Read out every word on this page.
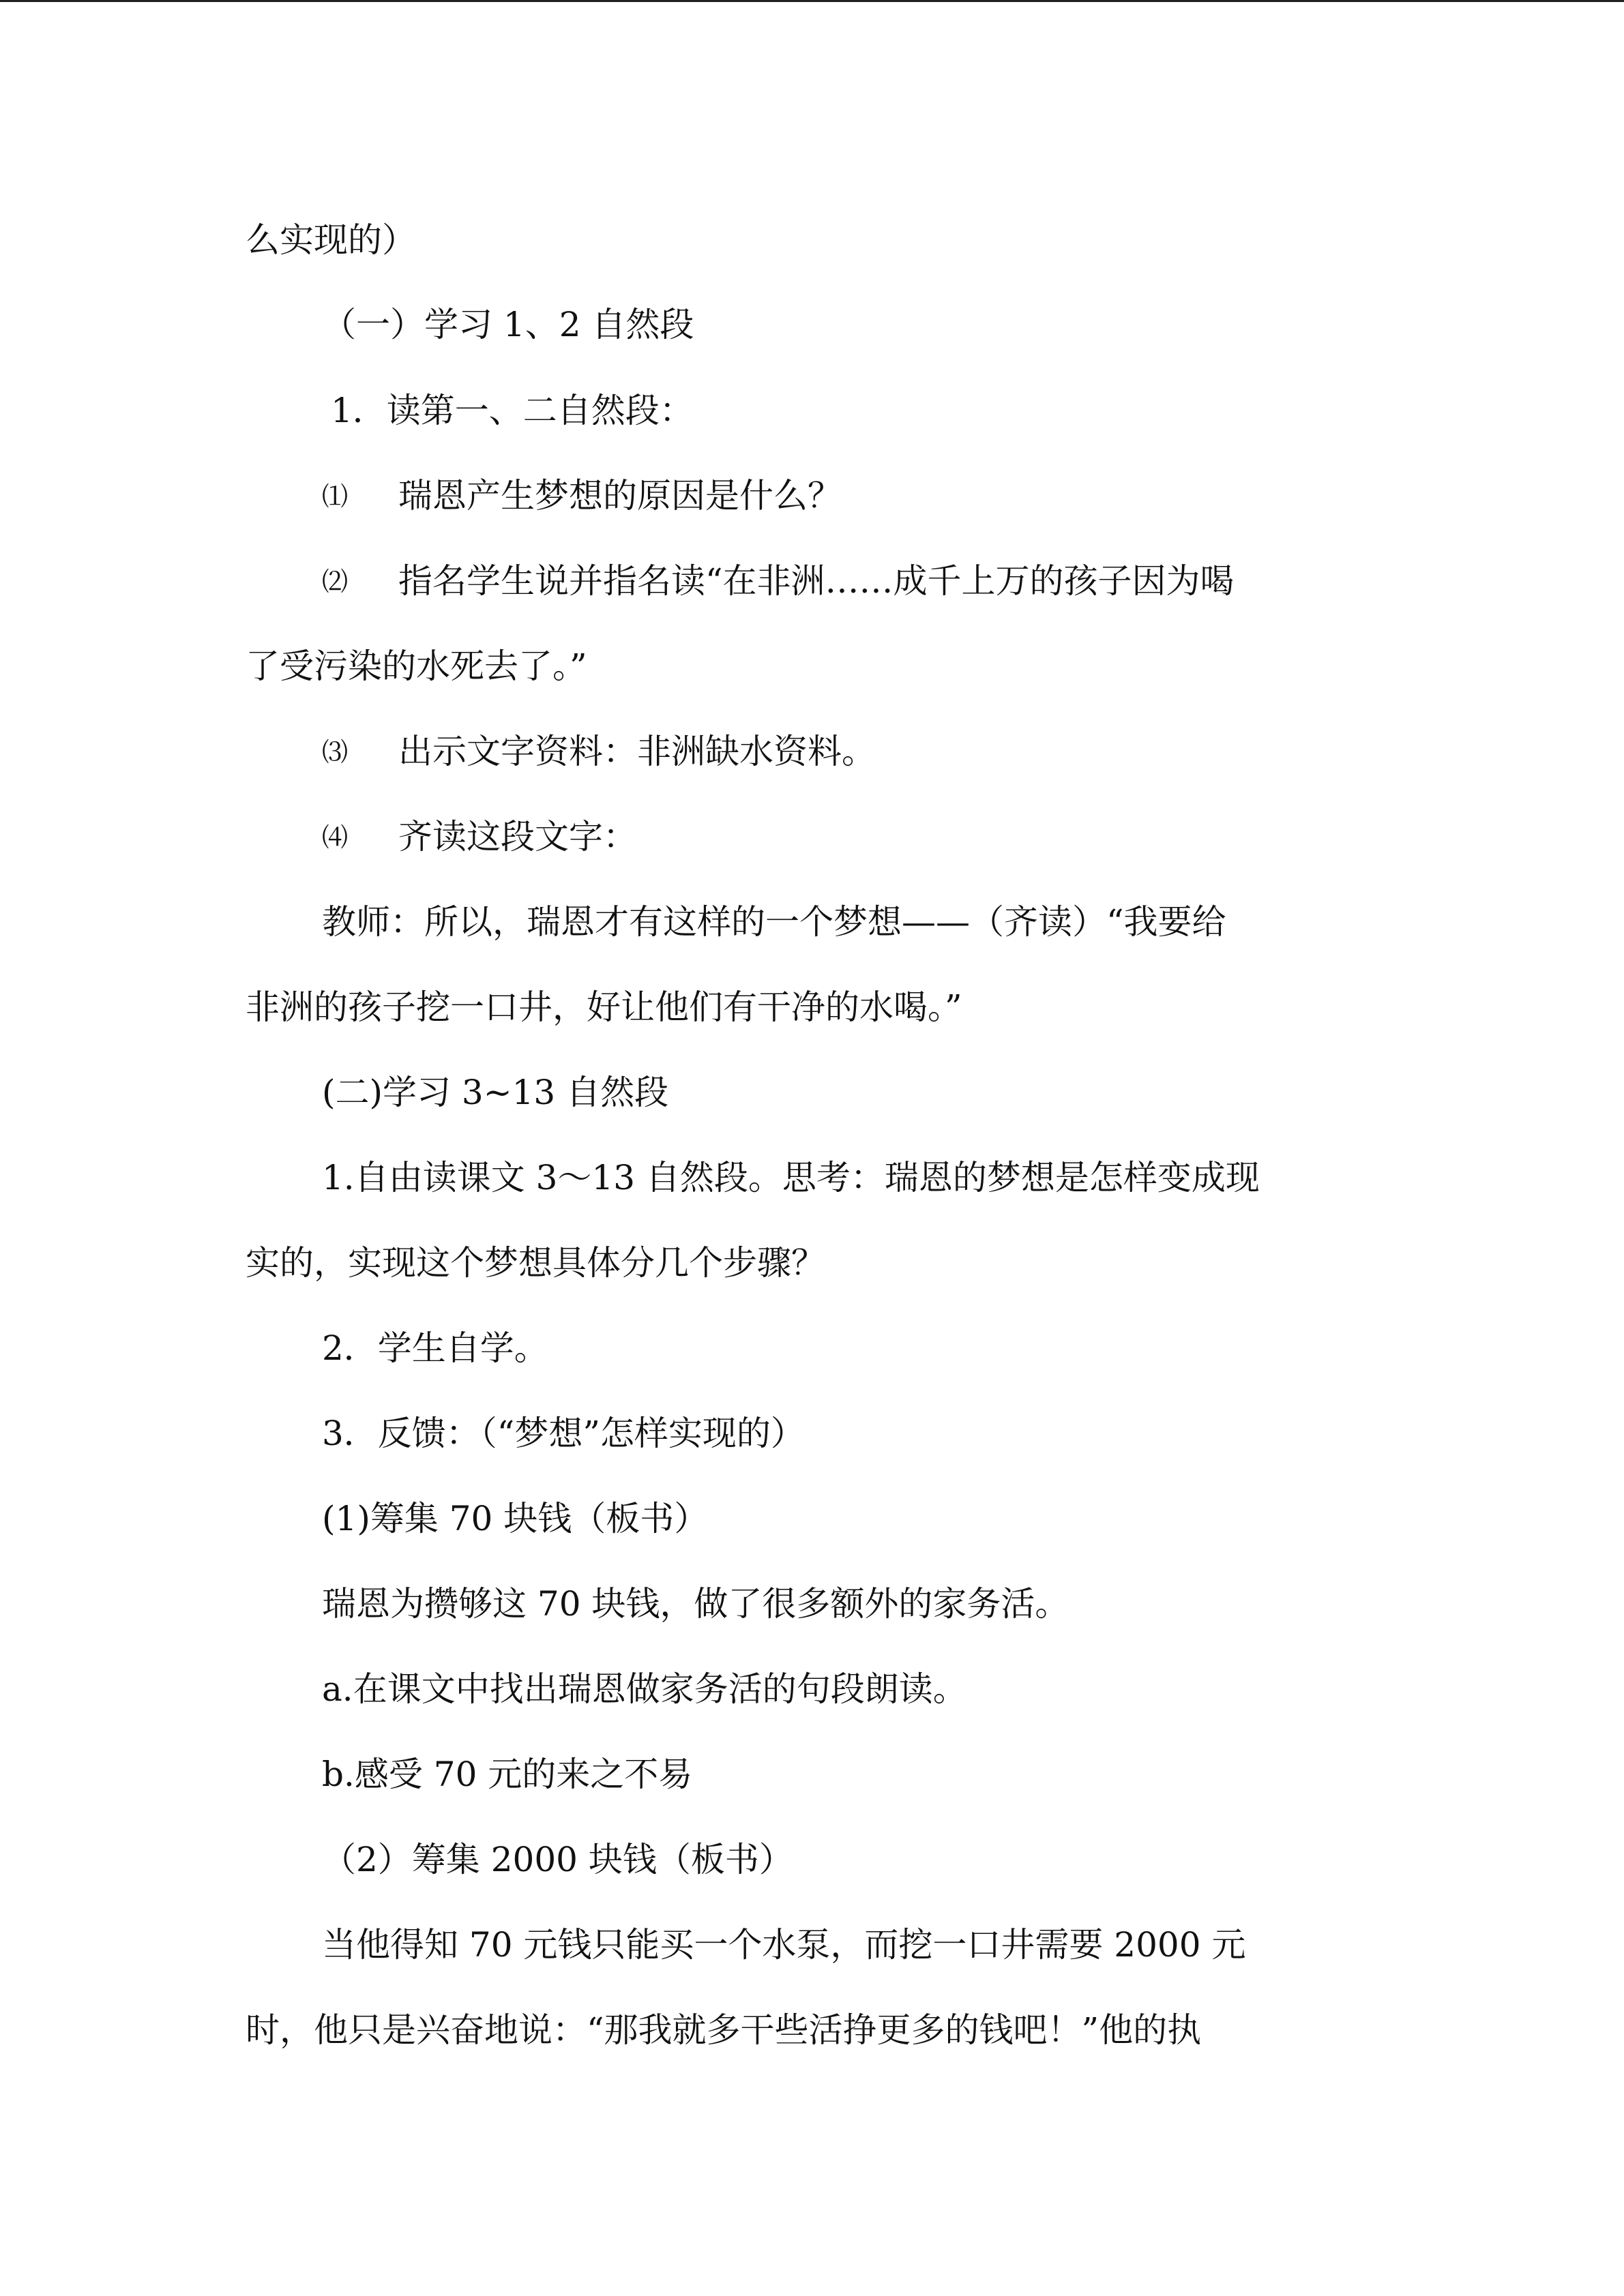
么实现的）
（一）学习 1、2 自然段
1．读第一、二自然段：
⑴ 瑞恩产生梦想的原因是什么？
⑵ 指名学生说并指名读“在非洲……成千上万的孩子因为喝
了受污染的水死去了。”
⑶ 出示文字资料：非洲缺水资料。
⑷ 齐读这段文字：
教师：所以，瑞恩才有这样的一个梦想——（齐读）“我要给
非洲的孩子挖一口井，好让他们有干净的水喝。”
(二)学习 3~13 自然段
1.自由读课文 3～13 自然段。思考：瑞恩的梦想是怎样变成现
实的，实现这个梦想具体分几个步骤？
2．学生自学。
3．反馈：（“梦想”怎样实现的）
(1)筹集 70 块钱（板书）
瑞恩为攒够这 70 块钱，做了很多额外的家务活。
a.在课文中找出瑞恩做家务活的句段朗读。
b.感受 70 元的来之不易
（2）筹集 2000 块钱（板书）
当他得知 70 元钱只能买一个水泵，而挖一口井需要 2000 元
时，他只是兴奋地说：“那我就多干些活挣更多的钱吧！”他的执
